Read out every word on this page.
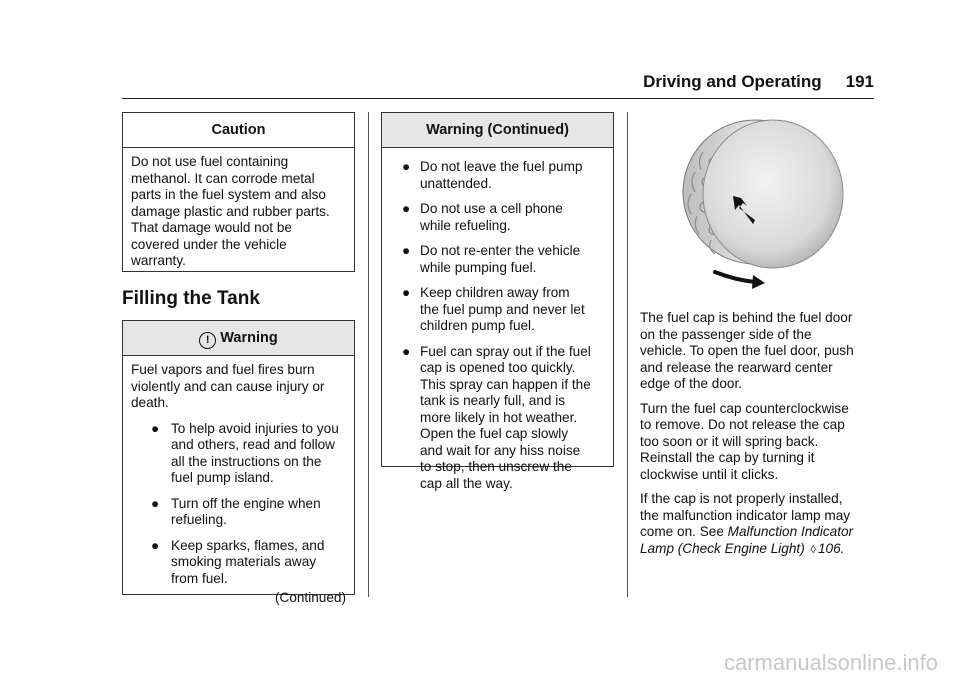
Driving and Operating 191
Caution

Do not use fuel containing

methanol. It can corrode metal

parts in the fuel system and also

damage plastic and rubber parts.

That damage would not be

covered under the vehicle

warranty.

Filling the Tank
! Warning

Fuel vapors and fuel fires burn

violently and can cause injury or

death.

● To help avoid injuries to you
and others, read and follow
all the instructions on the
fuel pump island.
● Turn off the engine when
refueling.
● Keep sparks, flames, and
smoking materials away
from fuel.
(Continued)
Warning (Continued)
● Do not leave the fuel pump
unattended.
● Do not use a cell phone
while refueling.
● Do not re-enter the vehicle
while pumping fuel.
● Keep children away from
the fuel pump and never let
children pump fuel.
● Fuel can spray out if the fuel
cap is opened too quickly.
This spray can happen if the
tank is nearly full, and is
more likely in hot weather.
Open the fuel cap slowly
and wait for any hiss noise
to stop, then unscrew the
cap all the way.

The fuel cap is behind the fuel door
on the passenger side of the
vehicle. To open the fuel door, push
and release the rearward center
edge of the door.

Turn the fuel cap counterclockwise
to remove. Do not release the cap
too soon or it will spring back.
Reinstall the cap by turning it
clockwise until it clicks.

If the cap is not properly installed,
the malfunction indicator lamp may
come on. See Malfunction Indicator
Lamp (Check Engine Light) ◊ 106.

carmanualsonline.info
